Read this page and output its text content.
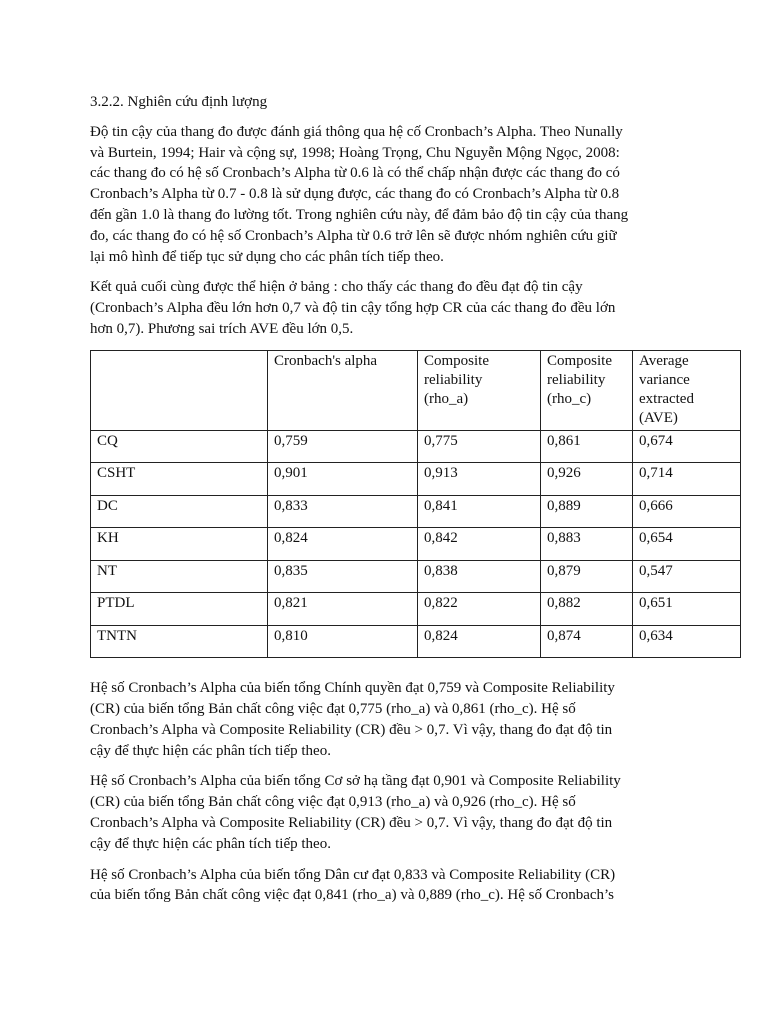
3.2.2. Nghiên cứu định lượng

Độ tin cậy của thang đo được đánh giá thông qua hệ cố Cronbach’s Alpha. Theo Nunally
và Burtein, 1994; Hair và cộng sự, 1998; Hoàng Trọng, Chu Nguyễn Mộng Ngọc, 2008:
các thang đo có hệ số Cronbach’s Alpha từ 0.6 là có thể chấp nhận được các thang đo có
Cronbach’s Alpha từ 0.7 - 0.8 là sử dụng được, các thang đo có Cronbach’s Alpha từ 0.8
đến gần 1.0 là thang đo lường tốt. Trong nghiên cứu này, để đảm bảo độ tin cậy của thang
đo, các thang đo có hệ số Cronbach’s Alpha từ 0.6 trở lên sẽ được nhóm nghiên cứu giữ
lại mô hình để tiếp tục sử dụng cho các phân tích tiếp theo.

Kết quả cuối cùng được thể hiện ở bảng : cho thấy các thang đo đều đạt độ tin cậy
(Cronbach’s Alpha đều lớn hơn 0,7 và độ tin cậy tổng hợp CR của các thang đo đều lớn
hơn 0,7). Phương sai trích AVE đều lớn 0,5.

	Cronbach's alpha	Composite
reliability
(rho_a)	Composite
reliability
(rho_c)	Average
variance
extracted
(AVE)
CQ	0,759	0,775	0,861	0,674
CSHT	0,901	0,913	0,926	0,714
DC	0,833	0,841	0,889	0,666
KH	0,824	0,842	0,883	0,654
NT	0,835	0,838	0,879	0,547
PTDL	0,821	0,822	0,882	0,651
TNTN	0,810	0,824	0,874	0,634

Hệ số Cronbach’s Alpha của biến tổng Chính quyền đạt 0,759 và Composite Reliability
(CR) của biến tổng Bản chất công việc đạt 0,775 (rho_a) và 0,861 (rho_c). Hệ số
Cronbach’s Alpha và Composite Reliability (CR) đều > 0,7. Vì vậy, thang đo đạt độ tin
cậy để thực hiện các phân tích tiếp theo.

Hệ số Cronbach’s Alpha của biến tổng Cơ sở hạ tầng đạt 0,901 và Composite Reliability
(CR) của biến tổng Bản chất công việc đạt 0,913 (rho_a) và 0,926 (rho_c). Hệ số
Cronbach’s Alpha và Composite Reliability (CR) đều > 0,7. Vì vậy, thang đo đạt độ tin
cậy để thực hiện các phân tích tiếp theo.

Hệ số Cronbach’s Alpha của biến tổng Dân cư đạt 0,833 và Composite Reliability (CR)
của biến tổng Bản chất công việc đạt 0,841 (rho_a) và 0,889 (rho_c). Hệ số Cronbach’s
